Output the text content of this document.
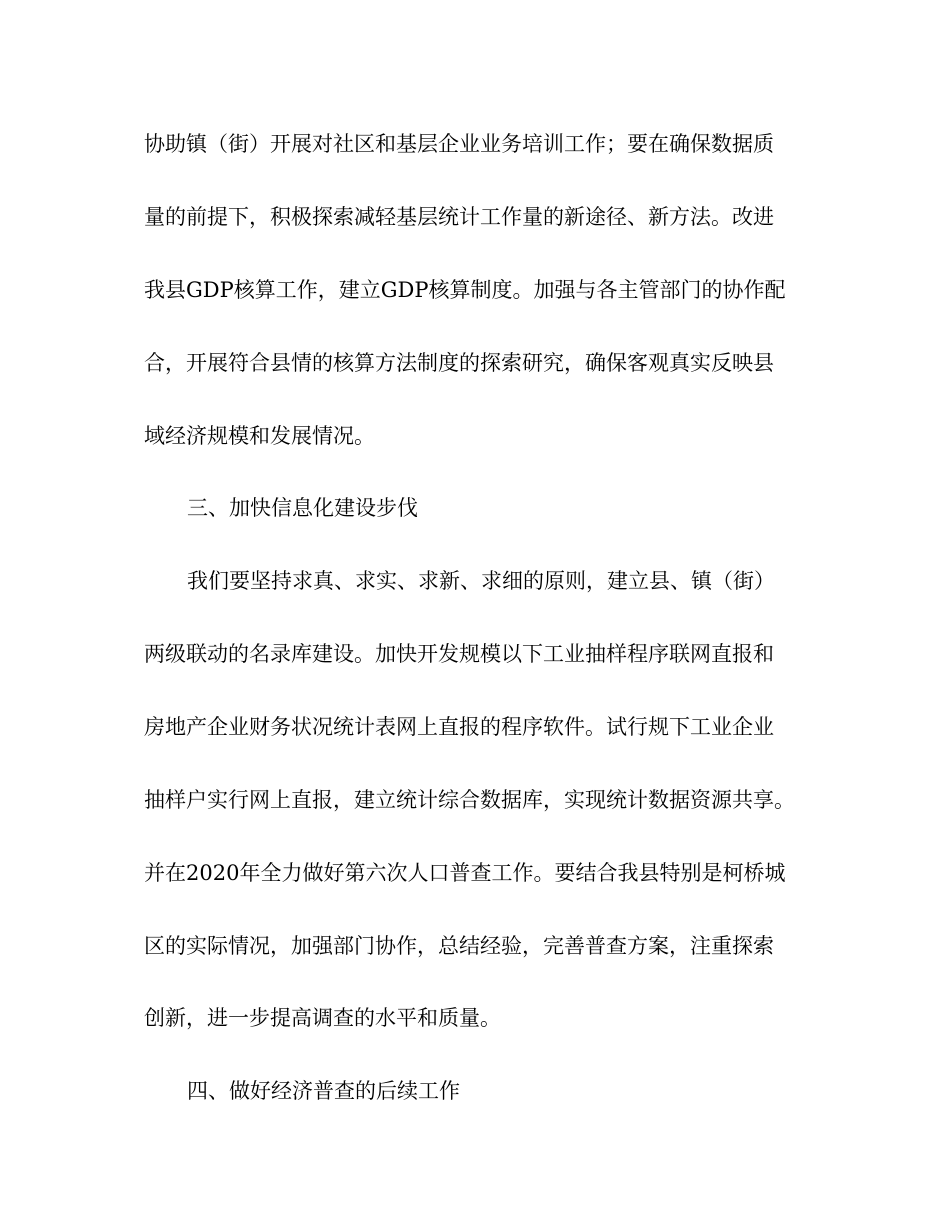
协助镇（街）开展对社区和基层企业业务培训工作；要在确保数据质
量的前提下，积极探索减轻基层统计工作量的新途径、新方法。改进
我县GDP核算工作，建立GDP核算制度。加强与各主管部门的协作配
合，开展符合县情的核算方法制度的探索研究，确保客观真实反映县
域经济规模和发展情况。
三、加快信息化建设步伐
我们要坚持求真、求实、求新、求细的原则，建立县、镇（街）
两级联动的名录库建设。加快开发规模以下工业抽样程序联网直报和
房地产企业财务状况统计表网上直报的程序软件。试行规下工业企业
抽样户实行网上直报，建立统计综合数据库，实现统计数据资源共享。
并在2020年全力做好第六次人口普查工作。要结合我县特别是柯桥城
区的实际情况，加强部门协作，总结经验，完善普查方案，注重探索
创新，进一步提高调查的水平和质量。
四、做好经济普查的后续工作
